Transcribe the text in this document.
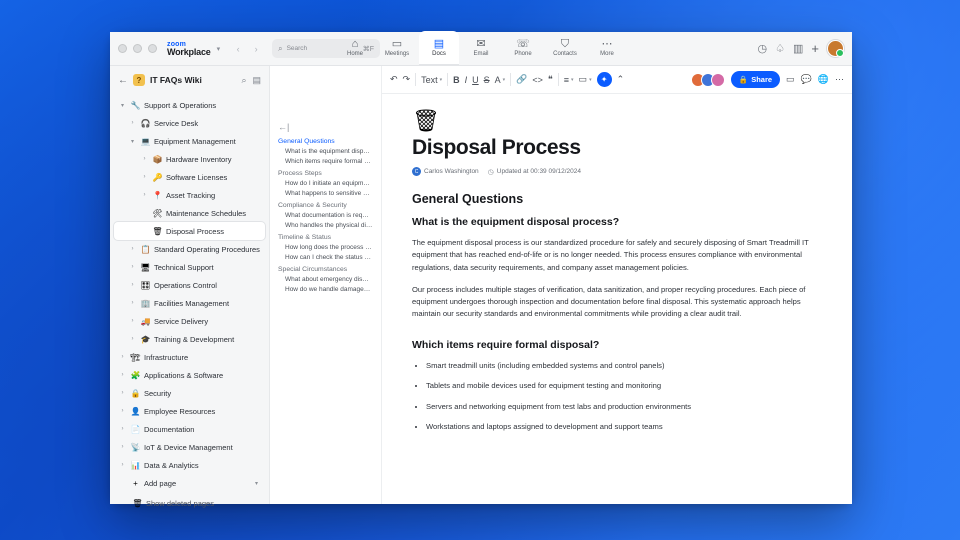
zoom
Workplace ▾	‹	›	⌕ Search	⌘F
⌂
Home
▭
Meetings
▤
Docs
✉
Email
☏
Phone
⛉
Contacts
⋯
More	◷ ♤ ▥ +
←	?	IT FAQs Wiki	⌕ ▤
▾ 🔧 Support & Operations
› 🎧 Service Desk
▾ 💻 Equipment Management
› 📦 Hardware Inventory
› 🔑 Software Licenses
› 📍 Asset Tracking
🛠 Maintenance Schedules
🗑 Disposal Process
› 📋 Standard Operating Procedures
› 🖥 Technical Support
› 🎛 Operations Control
› 🏢 Facilities Management
› 🚚 Service Delivery
› 🎓 Training & Development
› 🏗 Infrastructure
› 🧩 Applications & Software
› 🔒 Security
› 👤 Employee Resources
› 📄 Documentation
› 📡 IoT & Device Management
› 📊 Data & Analytics
+ Add page	▾
🗑 Show deleted pages
←|
General Questions
What is the equipment disp…
Which items require formal …
Process Steps
How do I initiate an equipm…
What happens to sensitive …
Compliance & Security
What documentation is req…
Who handles the physical di…
Timeline & Status
How long does the process …
How can I check the status …
Special Circumstances
What about emergency dis…
How do we handle damage…
↶ ↷ Text ▾ B I U S A ▾ 🔗 <> ❝ ≡ ▾ ▭ ▾	✦	⌃	🔒 Share ▭ 💬 🌐 ⋯
🗑
Disposal Process
C Carlos Washington ◷ Updated at 00:39 09/12/2024
General Questions
What is the equipment disposal process?

The equipment disposal process is our standardized procedure for safely and securely disposing of Smart Treadmill IT equipment that has reached end-of-life or is no longer needed. This process ensures compliance with environmental regulations, data security requirements, and company asset management policies.

Our process includes multiple stages of verification, data sanitization, and proper recycling procedures. Each piece of equipment undergoes thorough inspection and documentation before final disposal. This systematic approach helps maintain our security standards and environmental commitments while providing a clear audit trail.

Which items require formal disposal?
• Smart treadmill units (including embedded systems and control panels)
• Tablets and mobile devices used for equipment testing and monitoring
• Servers and networking equipment from test labs and production environments
• Workstations and laptops assigned to development and support teams
